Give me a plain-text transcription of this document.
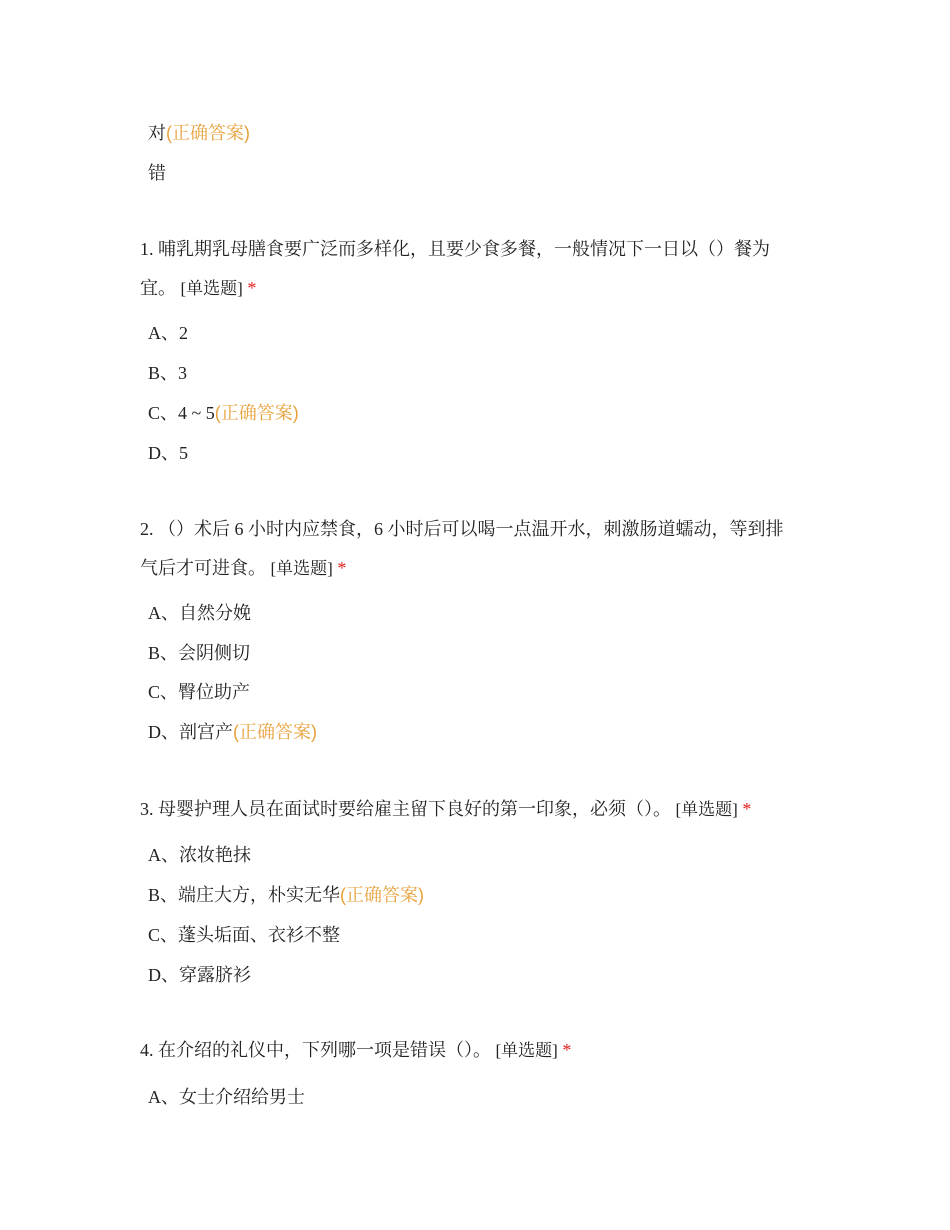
对(正确答案)
错
1. 哺乳期乳母膳食要广泛而多样化，且要少食多餐，一般情况下一日以（）餐为
宜。 [单选题] *
A、2
B、3
C、4 ~ 5(正确答案)
D、5
2. （）术后 6 小时内应禁食，6 小时后可以喝一点温开水，刺激肠道蠕动，等到排
气后才可进食。 [单选题] *
A、自然分娩
B、会阴侧切
C、臀位助产
D、剖宫产(正确答案)
3. 母婴护理人员在面试时要给雇主留下良好的第一印象，必须（）。 [单选题] *
A、浓妆艳抹
B、端庄大方，朴实无华(正确答案)
C、蓬头垢面、衣衫不整
D、穿露脐衫
4. 在介绍的礼仪中，下列哪一项是错误（）。 [单选题] *
A、女士介绍给男士
